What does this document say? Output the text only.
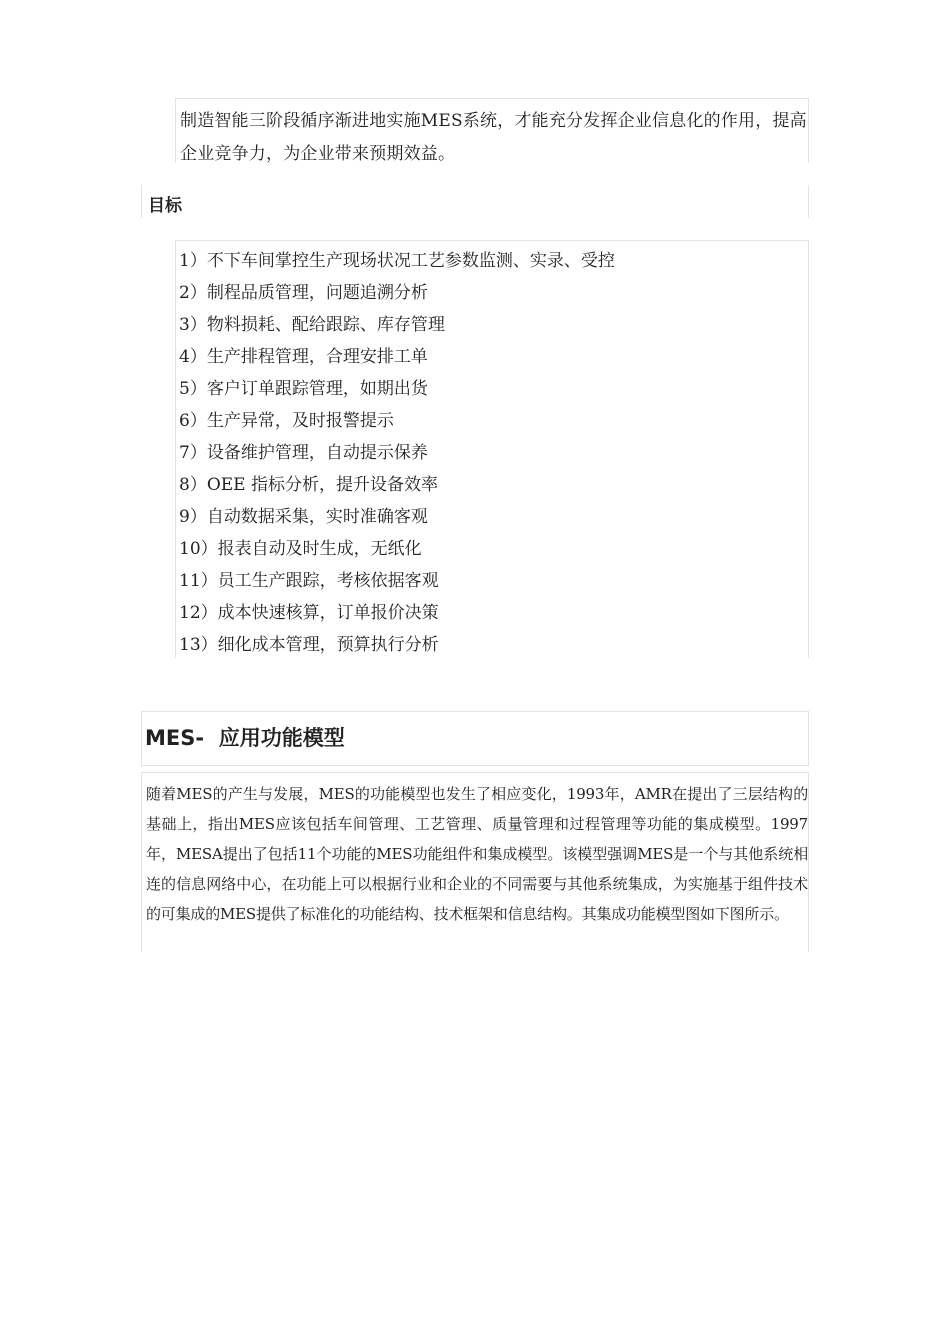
制造智能三阶段循序渐进地实施MES系统，才能充分发挥企业信息化的作用，提高企业竞争力，为企业带来预期效益。

目标
1）不下车间掌控生产现场状况工艺参数监测、实录、受控
2）制程品质管理，问题追溯分析
3）物料损耗、配给跟踪、库存管理
4）生产排程管理，合理安排工单
5）客户订单跟踪管理，如期出货
6）生产异常，及时报警提示
7）设备维护管理，自动提示保养
8）OEE 指标分析，提升设备效率
9）自动数据采集，实时准确客观
10）报表自动及时生成，无纸化
11）员工生产跟踪，考核依据客观
12）成本快速核算，订单报价决策
13）细化成本管理，预算执行分析
MES-  应用功能模型

随着MES的产生与发展，MES的功能模型也发生了相应变化，1993年，AMR在提出了三层结构的基础上，指出MES应该包括车间管理、工艺管理、质量管理和过程管理等功能的集成模型。1997年，MESA提出了包括11个功能的MES功能组件和集成模型。该模型强调MES是一个与其他系统相连的信息网络中心，在功能上可以根据行业和企业的不同需要与其他系统集成，为实施基于组件技术的可集成的MES提供了标准化的功能结构、技术框架和信息结构。其集成功能模型图如下图所示。
